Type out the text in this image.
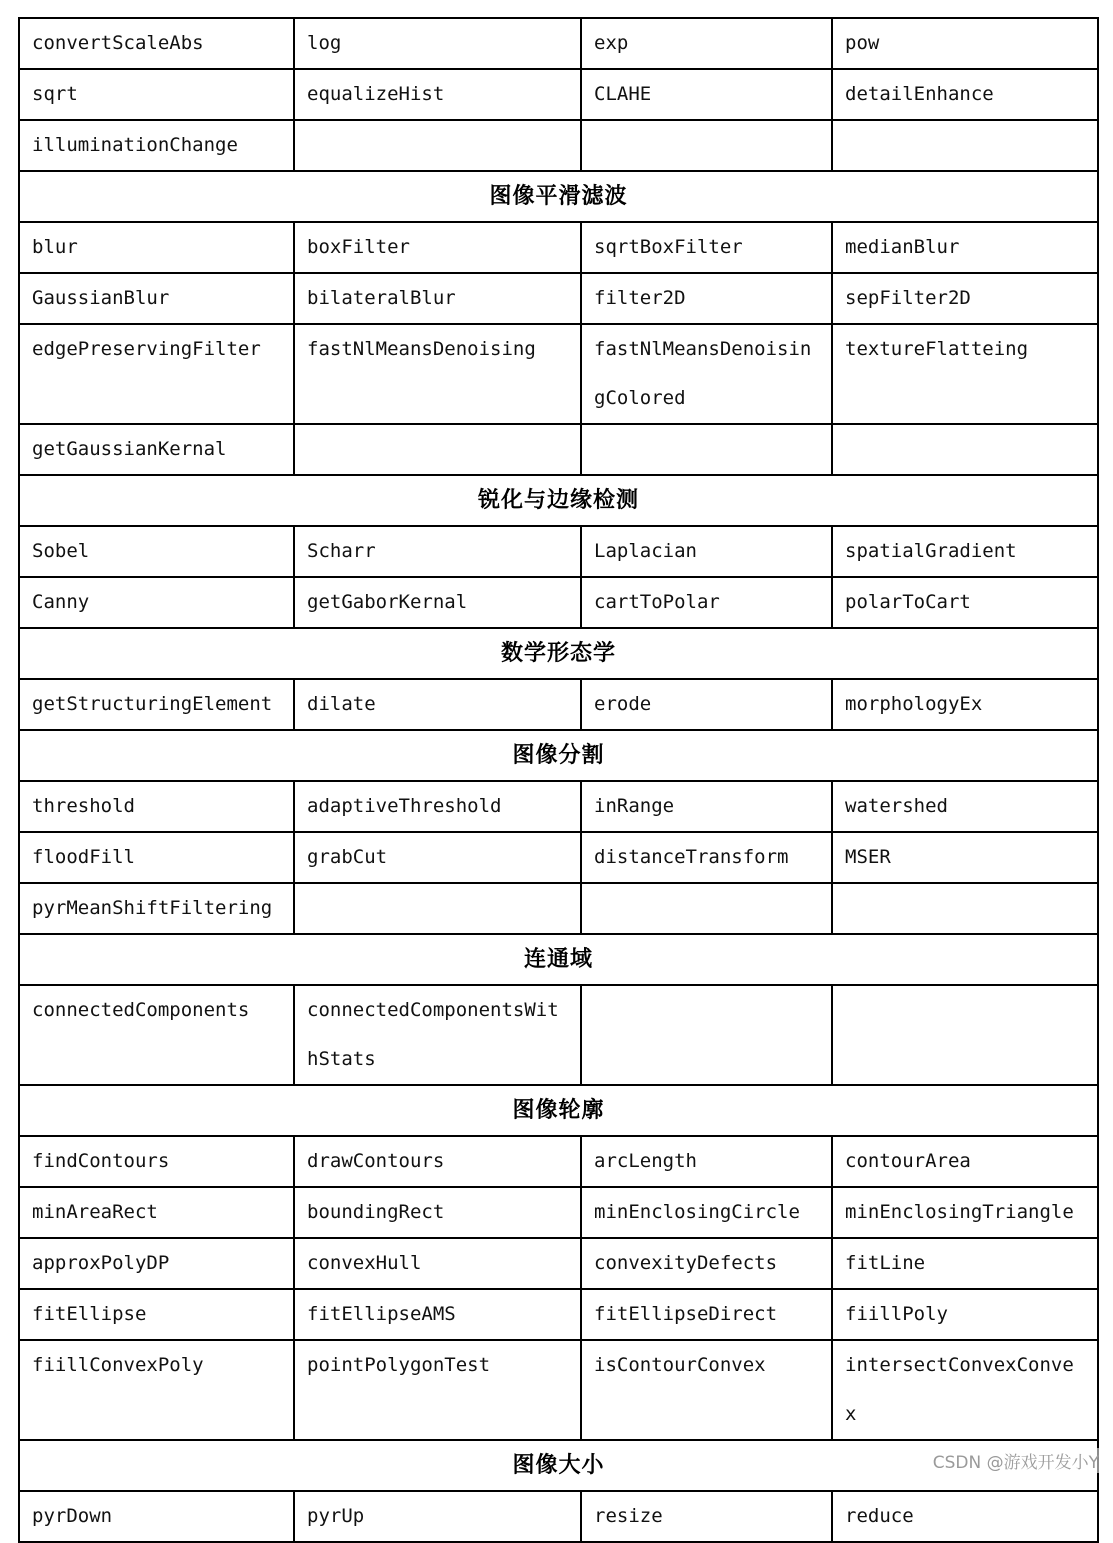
convertScaleAbs	log	exp	pow
sqrt	equalizeHist	CLAHE	detailEnhance
illuminationChange			
图像平滑滤波			
blur	boxFilter	sqrtBoxFilter	medianBlur
GaussianBlur	bilateralBlur	filter2D	sepFilter2D
edgePreservingFilter	fastNlMeansDenoising	fastNlMeansDenoisingColored	textureFlatteing
getGaussianKernal			
锐化与边缘检测			
Sobel	Scharr	Laplacian	spatialGradient
Canny	getGaborKernal	cartToPolar	polarToCart
数学形态学			
getStructuringElement	dilate	erode	morphologyEx
图像分割			
threshold	adaptiveThreshold	inRange	watershed
floodFill	grabCut	distanceTransform	MSER
pyrMeanShiftFiltering			
连通域			
connectedComponents	connectedComponentsWithStats		
图像轮廓			
findContours	drawContours	arcLength	contourArea
minAreaRect	boundingRect	minEnclosingCircle	minEnclosingTriangle
approxPolyDP	convexHull	convexityDefects	fitLine
fitEllipse	fitEllipseAMS	fitEllipseDirect	fiillPoly
fiillConvexPoly	pointPolygonTest	isContourConvex	intersectConvexConvex
图像大小			
pyrDown	pyrUp	resize	reduce
CSDN @游戏开发小Y
